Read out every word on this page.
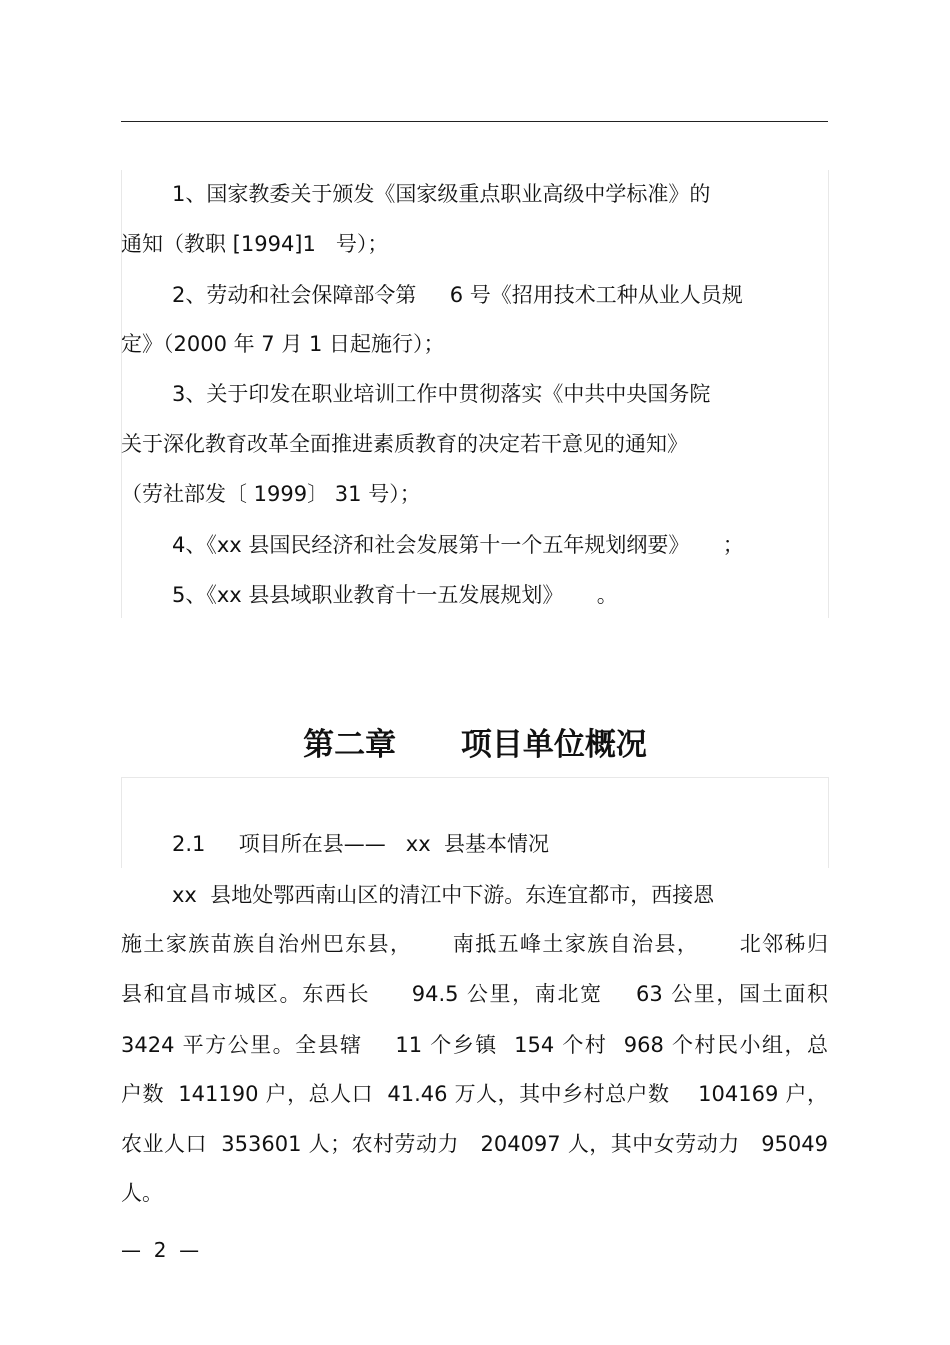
1、国家教委关于颁发《国家级重点职业高级中学标准》的

通知（教职 [1994]1   号）；

2、劳动和社会保障部令第     6 号《招用技术工种从业人员规

定》（2000 年 7 月 1 日起施行）；

3、关于印发在职业培训工作中贯彻落实《中共中央国务院

关于深化教育改革全面推进素质教育的决定若干意见的通知》

（劳社部发〔 1999〕 31 号）；

4、《xx 县国民经济和社会发展第十一个五年规划纲要》     ；

5、《xx 县县域职业教育十一五发展规划》     。

第二章      项目单位概况

2.1     项目所在县——   xx  县基本情况

xx  县地处鄂西南山区的清江中下游。东连宜都市，西接恩

施土家族苗族自治州巴东县，     南抵五峰土家族自治县，     北邻秭归

县和宜昌市城区。东西长     94.5 公里，南北宽    63 公里，国土面积

3424 平方公里。全县辖    11 个乡镇  154 个村  968 个村民小组，总

户数  141190 户，总人口  41.46 万人，其中乡村总户数    104169 户，

农业人口  353601 人；农村劳动力   204097 人，其中女劳动力   95049

人。

—  2  —
